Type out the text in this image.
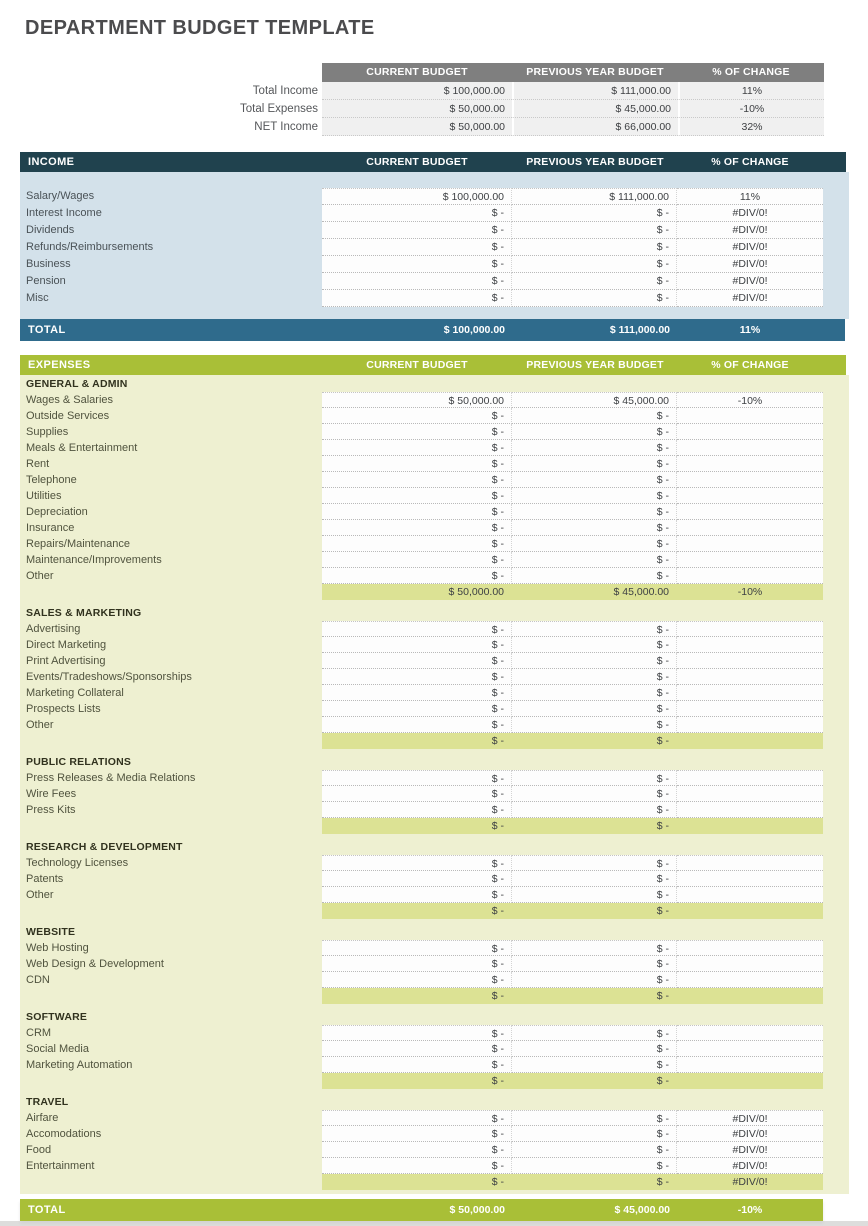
DEPARTMENT BUDGET TEMPLATE
CURRENT BUDGET	PREVIOUS YEAR BUDGET	% OF CHANGE
Total Income	$ 100,000.00	$ 111,000.00	11%
Total Expenses	$ 50,000.00	$ 45,000.00	-10%
NET Income	$ 50,000.00	$ 66,000.00	32%
INCOME	CURRENT BUDGET	PREVIOUS YEAR BUDGET	% OF CHANGE
Salary/Wages	$ 100,000.00	$ 111,000.00	11%
Interest Income	$ -	$ -	#DIV/0!
Dividends	$ -	$ -	#DIV/0!
Refunds/Reimbursements	$ -	$ -	#DIV/0!
Business	$ -	$ -	#DIV/0!
Pension	$ -	$ -	#DIV/0!
Misc	$ -	$ -	#DIV/0!
TOTAL	$ 100,000.00	$ 111,000.00	11%
EXPENSES	CURRENT BUDGET	PREVIOUS YEAR BUDGET	% OF CHANGE
GENERAL & ADMIN
Wages & Salaries	$ 50,000.00	$ 45,000.00	-10%
Outside Services	$ -	$ -
Supplies	$ -	$ -
Meals & Entertainment	$ -	$ -
Rent	$ -	$ -
Telephone	$ -	$ -
Utilities	$ -	$ -
Depreciation	$ -	$ -
Insurance	$ -	$ -
Repairs/Maintenance	$ -	$ -
Maintenance/Improvements	$ -	$ -
Other	$ -	$ -
$ 50,000.00	$ 45,000.00	-10%
SALES & MARKETING
Advertising	$ -	$ -
Direct Marketing	$ -	$ -
Print Advertising	$ -	$ -
Events/Tradeshows/Sponsorships	$ -	$ -
Marketing Collateral	$ -	$ -
Prospects Lists	$ -	$ -
Other	$ -	$ -
$ -	$ -
PUBLIC RELATIONS
Press Releases & Media Relations	$ -	$ -
Wire Fees	$ -	$ -
Press Kits	$ -	$ -
$ -	$ -
RESEARCH & DEVELOPMENT
Technology Licenses	$ -	$ -
Patents	$ -	$ -
Other	$ -	$ -
$ -	$ -
WEBSITE
Web Hosting	$ -	$ -
Web Design & Development	$ -	$ -
CDN	$ -	$ -
$ -	$ -
SOFTWARE
CRM	$ -	$ -
Social Media	$ -	$ -
Marketing Automation	$ -	$ -
$ -	$ -
TRAVEL
Airfare	$ -	$ -	#DIV/0!
Accomodations	$ -	$ -	#DIV/0!
Food	$ -	$ -	#DIV/0!
Entertainment	$ -	$ -	#DIV/0!
$ -	$ -	#DIV/0!
TOTAL	$ 50,000.00	$ 45,000.00	-10%
